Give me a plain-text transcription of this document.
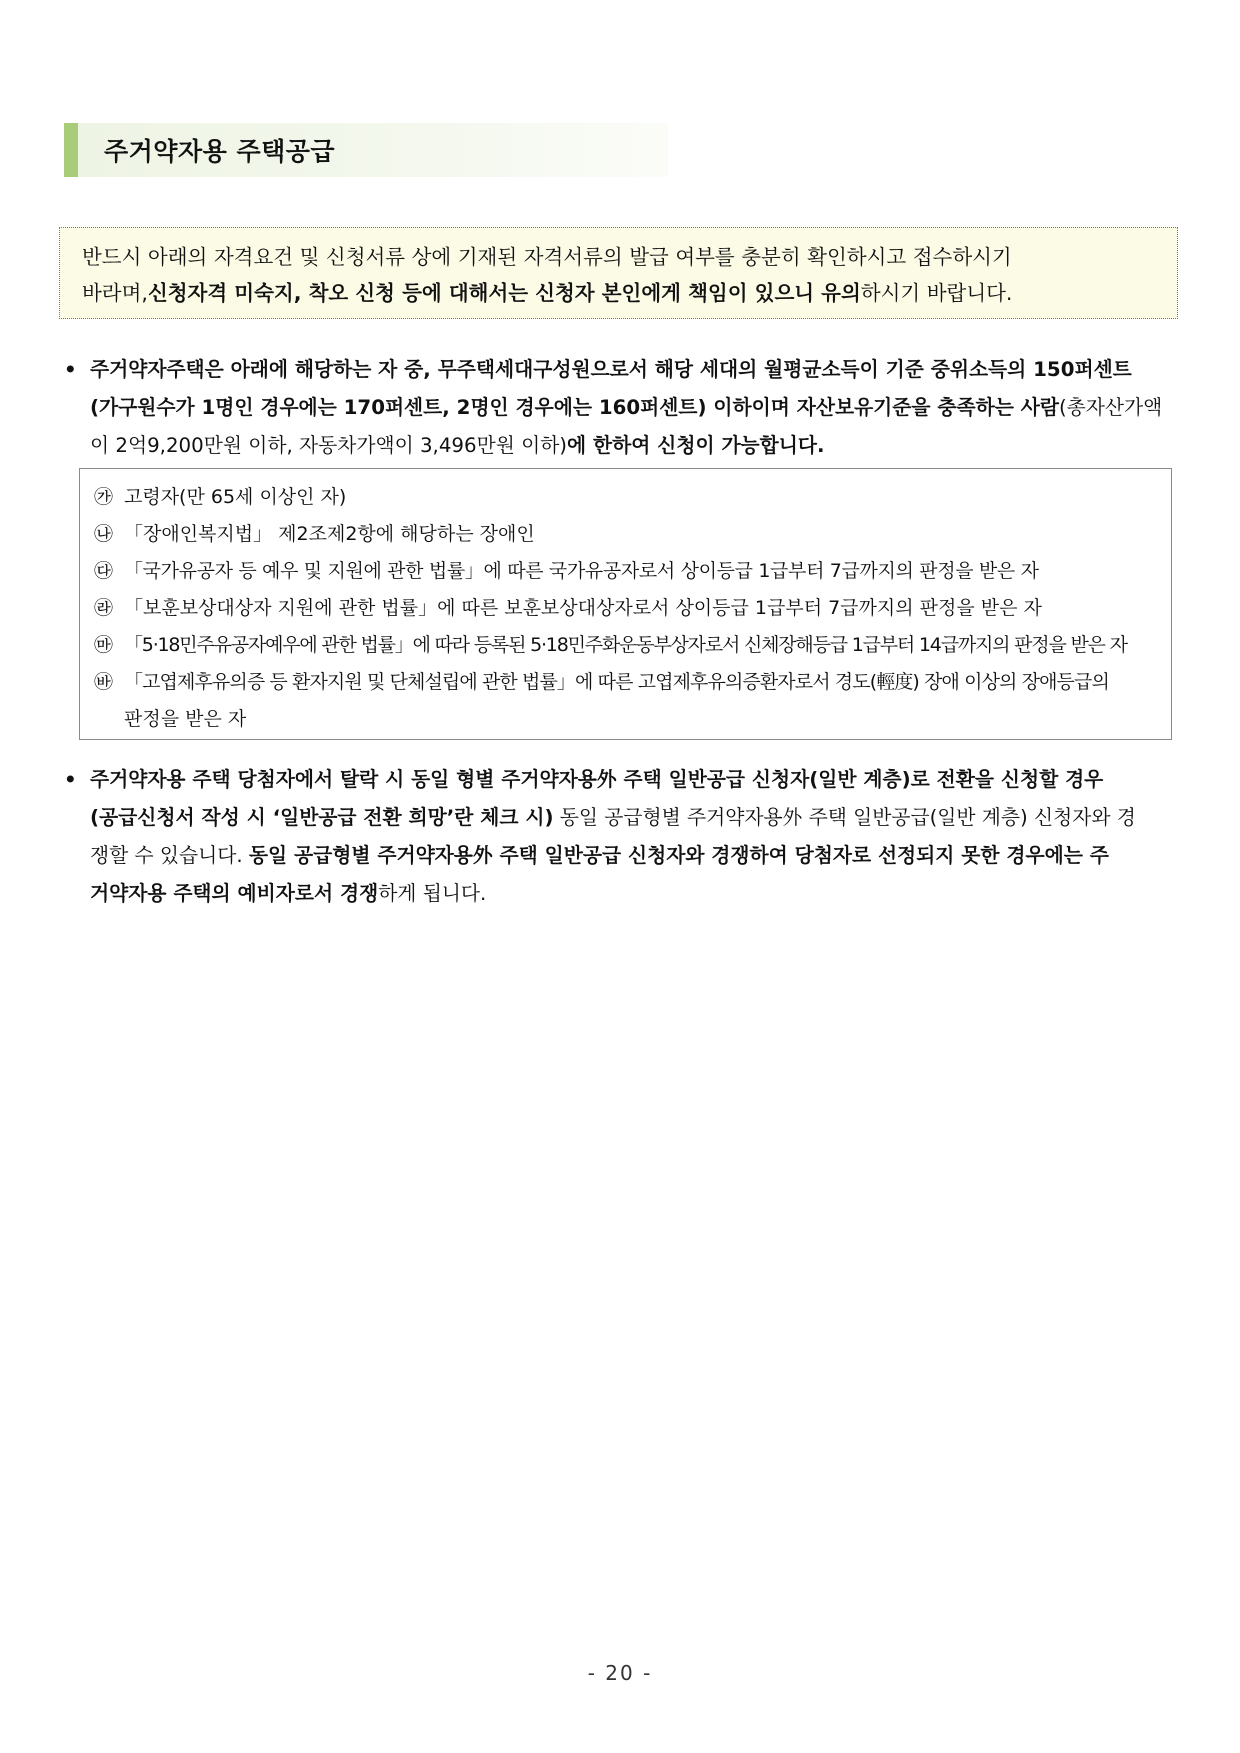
주거약자용 주택공급
반드시 아래의 자격요건 및 신청서류 상에 기재된 자격서류의 발급 여부를 충분히 확인하시고 접수하시기
바라며, 신청자격 미숙지, 착오 신청 등에 대해서는 신청자 본인에게 책임이 있으니 유의 하시기 바랍니다.
• 주거약자주택은 아래에 해당하는 자 중, 무주택세대구성원으로서 해당 세대의 월평균소득이 기준 중위소득의 150퍼센트
(가구원수가 1명인 경우에는 170퍼센트, 2명인 경우에는 160퍼센트) 이하이며 자산보유기준을 충족하는 사람(총자산가액
이 2억9,200만원 이하, 자동차가액이 3,496만원 이하)에 한하여 신청이 가능합니다.
㉮ 고령자(만 65세 이상인 자)
㉯ 「장애인복지법」 제2조제2항에 해당하는 장애인
㉰ 「국가유공자 등 예우 및 지원에 관한 법률」에 따른 국가유공자로서 상이등급 1급부터 7급까지의 판정을 받은 자
㉱ 「보훈보상대상자 지원에 관한 법률」에 따른 보훈보상대상자로서 상이등급 1급부터 7급까지의 판정을 받은 자
㉲ 「5·18민주유공자예우에 관한 법률」에 따라 등록된 5·18민주화운동부상자로서 신체장해등급 1급부터 14급까지의 판정을 받은 자
㉳ 「고엽제후유의증 등 환자지원 및 단체설립에 관한 법률」에 따른 고엽제후유의증환자로서 경도(輕度) 장애 이상의 장애등급의
판정을 받은 자
• 주거약자용 주택 당첨자에서 탈락 시 동일 형별 주거약자용外 주택 일반공급 신청자(일반 계층)로 전환을 신청할 경우
(공급신청서 작성 시 ‘일반공급 전환 희망’란 체크 시) 동일 공급형별 주거약자용外 주택 일반공급(일반 계층) 신청자와 경
쟁할 수 있습니다. 동일 공급형별 주거약자용外 주택 일반공급 신청자와 경쟁하여 당첨자로 선정되지 못한 경우에는 주
거약자용 주택의 예비자로서 경쟁하게 됩니다.
- 20 -
